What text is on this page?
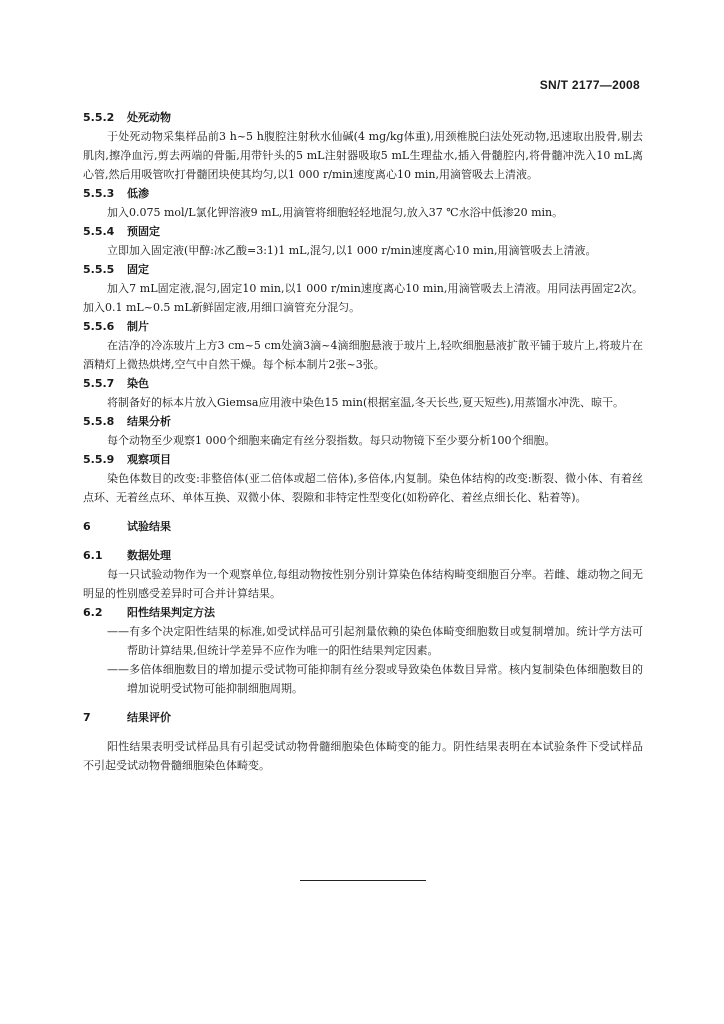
SN/T 2177—2008
5.5.2 处死动物

于处死动物采集样品前3 h~5 h腹腔注射秋水仙碱(4 mg/kg体重),用颈椎脱臼法处死动物,迅速取出股骨,剔去肌肉,擦净血污,剪去两端的骨骺,用带针头的5 mL注射器吸取5 mL生理盐水,插入骨髓腔内,将骨髓冲洗入10 mL离心管,然后用吸管吹打骨髓团块使其均匀,以1 000 r/min速度离心10 min,用滴管吸去上清液。

5.5.3 低渗

加入0.075 mol/L氯化钾溶液9 mL,用滴管将细胞轻轻地混匀,放入37 ℃水浴中低渗20 min。

5.5.4 预固定

立即加入固定液(甲醇:冰乙酸=3:1)1 mL,混匀,以1 000 r/min速度离心10 min,用滴管吸去上清液。

5.5.5 固定

加入7 mL固定液,混匀,固定10 min,以1 000 r/min速度离心10 min,用滴管吸去上清液。用同法再固定2次。加入0.1 mL~0.5 mL新鲜固定液,用细口滴管充分混匀。

5.5.6 制片

在洁净的冷冻玻片上方3 cm~5 cm处滴3滴~4滴细胞悬液于玻片上,轻吹细胞悬液扩散平铺于玻片上,将玻片在酒精灯上微热烘烤,空气中自然干燥。每个标本制片2张~3张。

5.5.7 染色

将制备好的标本片放入Giemsa应用液中染色15 min(根据室温,冬天长些,夏天短些),用蒸馏水冲洗、晾干。

5.5.8 结果分析

每个动物至少观察1 000个细胞来确定有丝分裂指数。每只动物镜下至少要分析100个细胞。

5.5.9 观察项目

染色体数目的改变:非整倍体(亚二倍体或超二倍体),多倍体,内复制。染色体结构的改变:断裂、微小体、有着丝点环、无着丝点环、单体互换、双微小体、裂隙和非特定性型变化(如粉碎化、着丝点细长化、粘着等)。

6	试验结果
6.1 数据处理

每一只试验动物作为一个观察单位,每组动物按性别分别计算染色体结构畸变细胞百分率。若雌、雄动物之间无明显的性别感受差异时可合并计算结果。

6.2 阳性结果判定方法

——有多个决定阳性结果的标准,如受试样品可引起剂量依赖的染色体畸变细胞数目或复制增加。统计学方法可帮助计算结果,但统计学差异不应作为唯一的阳性结果判定因素。

——多倍体细胞数目的增加提示受试物可能抑制有丝分裂或导致染色体数目异常。核内复制染色体细胞数目的增加说明受试物可能抑制细胞周期。

7	结果评价

阳性结果表明受试样品具有引起受试动物骨髓细胞染色体畸变的能力。阴性结果表明在本试验条件下受试样品不引起受试动物骨髓细胞染色体畸变。
